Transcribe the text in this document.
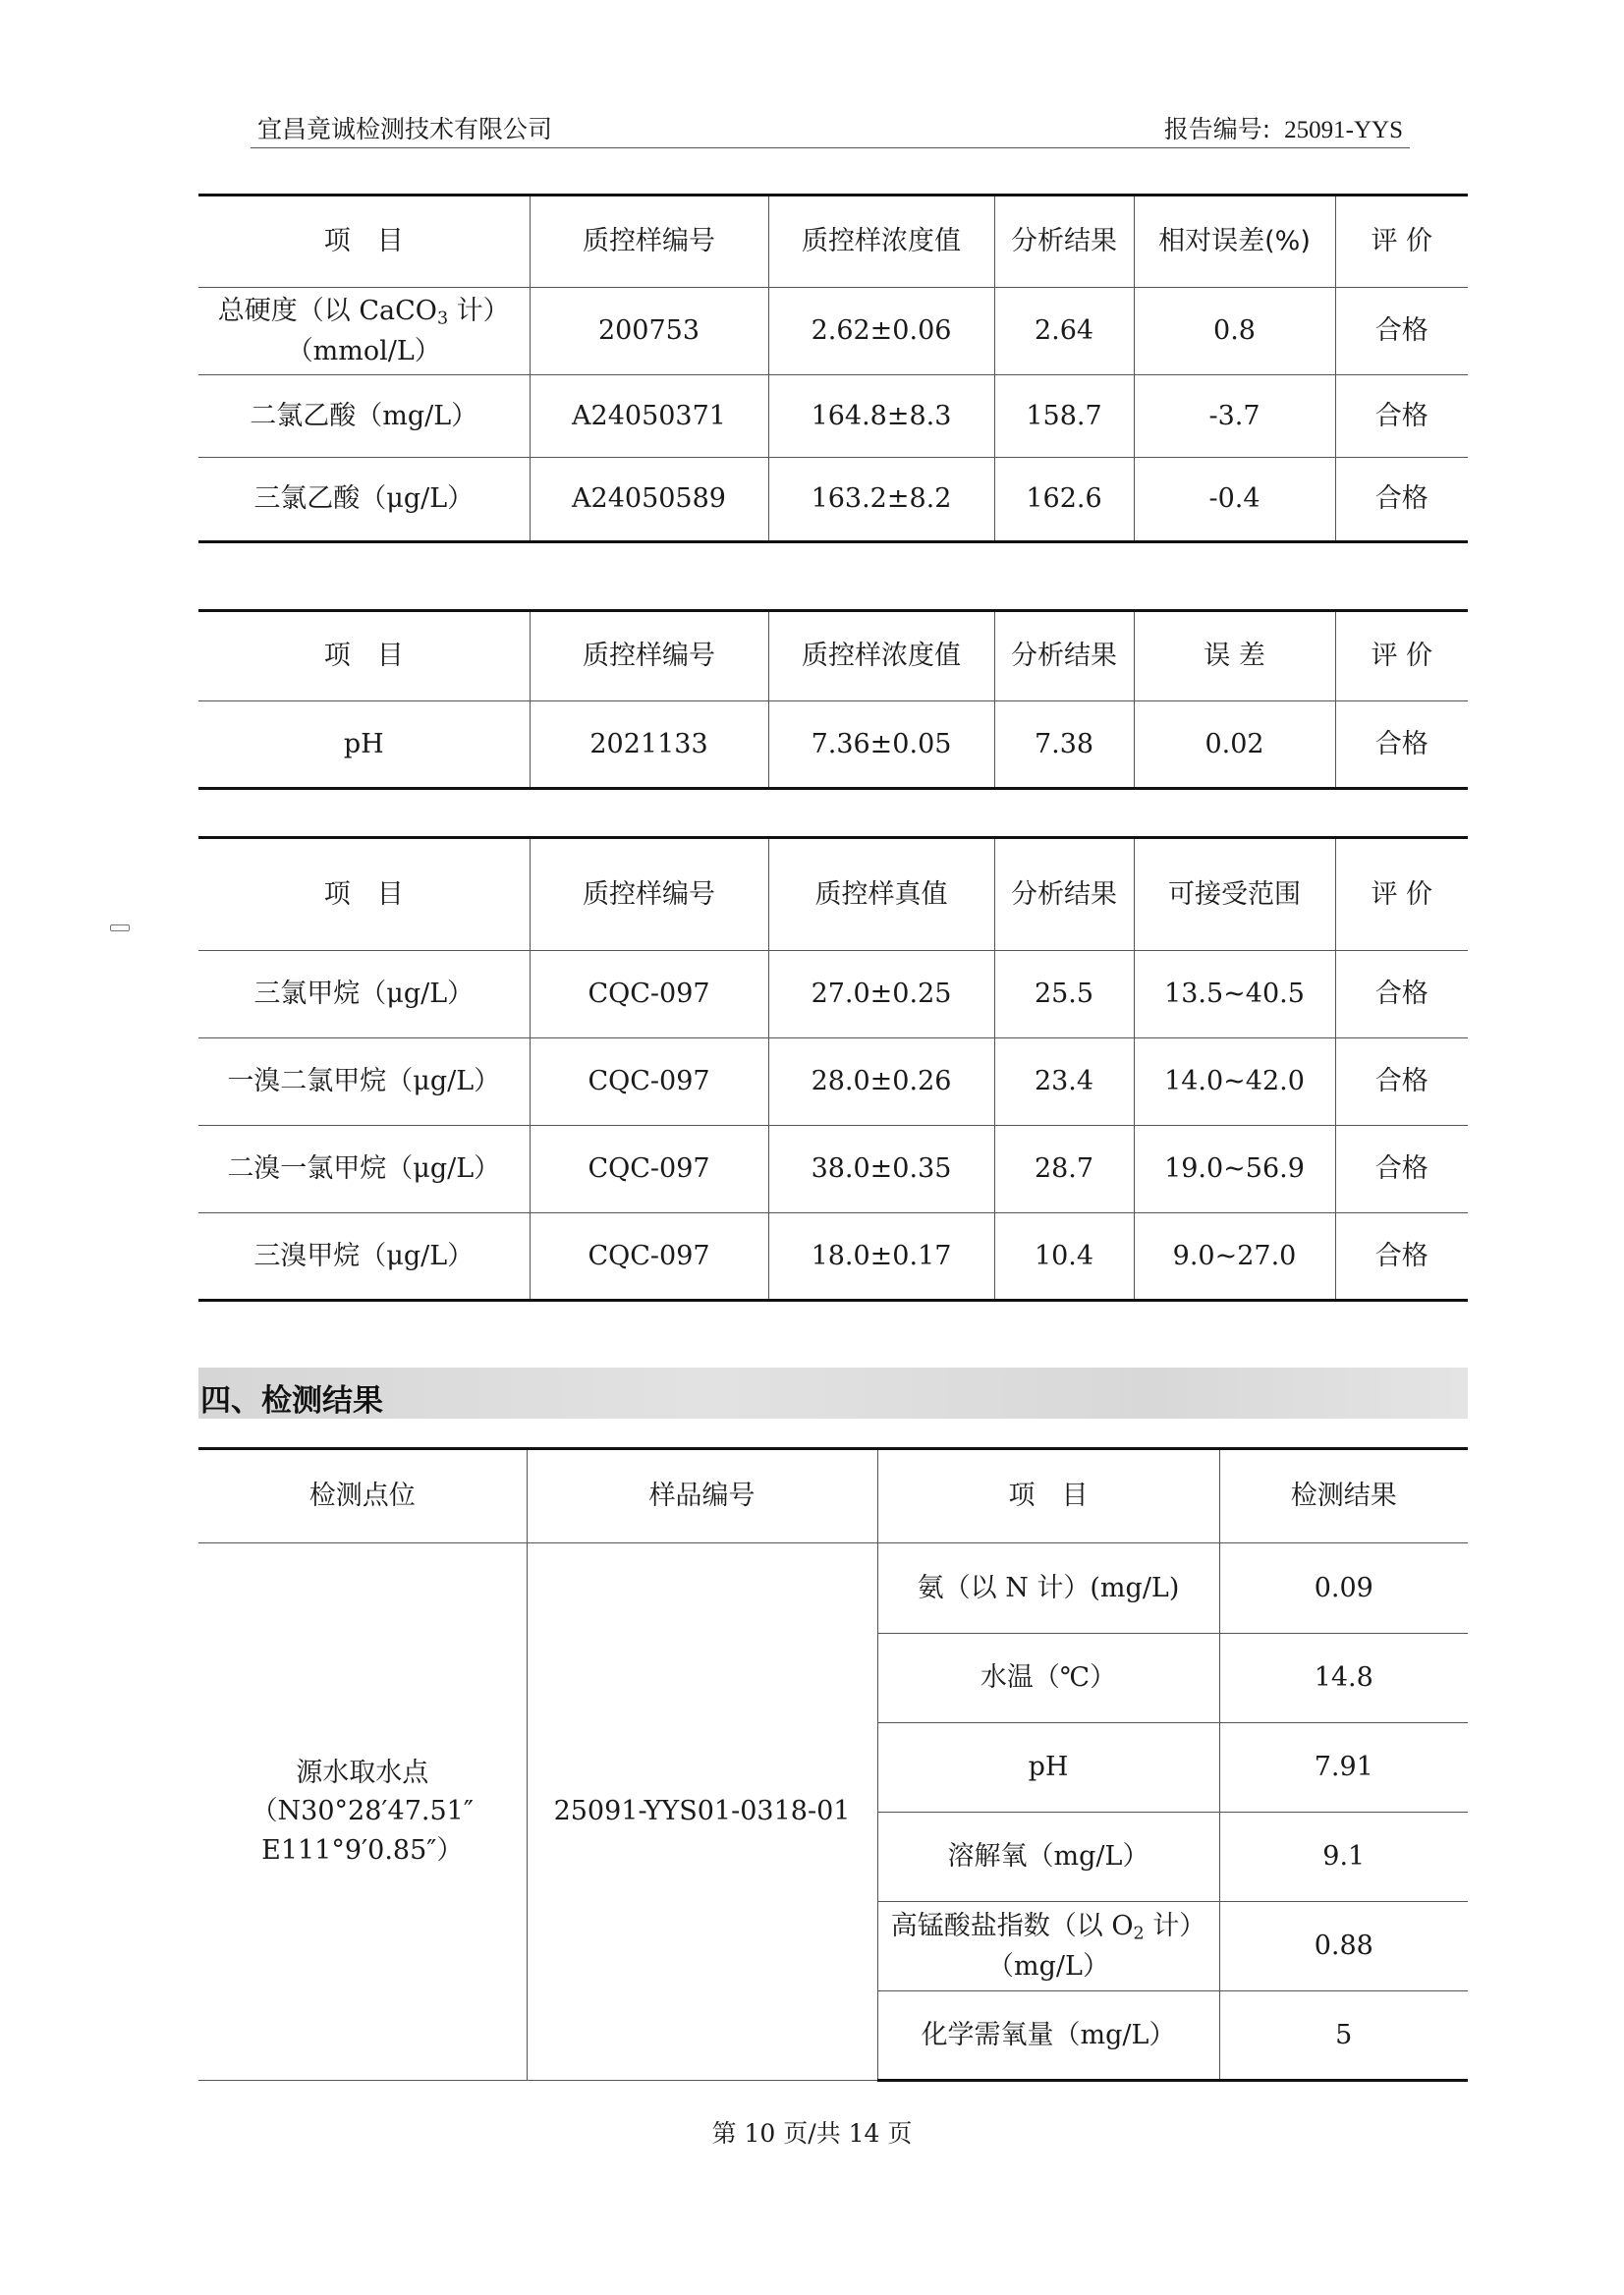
宜昌竟诚检测技术有限公司	报告编号: 25091-YYS
项　目	质控样编号	质控样浓度值	分析结果	相对误差(%)	评 价
总硬度（以 CaCO$_3$ 计）
（mmol/L）	200753	2.62±0.06	2.64	0.8	合格
二氯乙酸（mg/L）	A24050371	164.8±8.3	158.7	-3.7	合格
三氯乙酸（μg/L）	A24050589	163.2±8.2	162.6	-0.4	合格
项　目	质控样编号	质控样浓度值	分析结果	误 差	评 价
pH	2021133	7.36±0.05	7.38	0.02	合格
项　目	质控样编号	质控样真值	分析结果	可接受范围	评 价
三氯甲烷（μg/L）	CQC-097	27.0±0.25	25.5	13.5~40.5	合格
一溴二氯甲烷（μg/L）	CQC-097	28.0±0.26	23.4	14.0~42.0	合格
二溴一氯甲烷（μg/L）	CQC-097	38.0±0.35	28.7	19.0~56.9	合格
三溴甲烷（μg/L）	CQC-097	18.0±0.17	10.4	9.0~27.0	合格
四、检测结果
检测点位	样品编号	项　目	检测结果
源水取水点
（N30°28′47.51″
E111°9′0.85″）	25091-YYS01-0318-01	氨（以 N 计）(mg/L)	0.09
		水温（℃）	14.8
		pH	7.91
		溶解氧（mg/L）	9.1
		高锰酸盐指数（以 $O_2$ 计）
（mg/L）	0.88
		化学需氧量（mg/L）	5
第 10 页/共 14 页
